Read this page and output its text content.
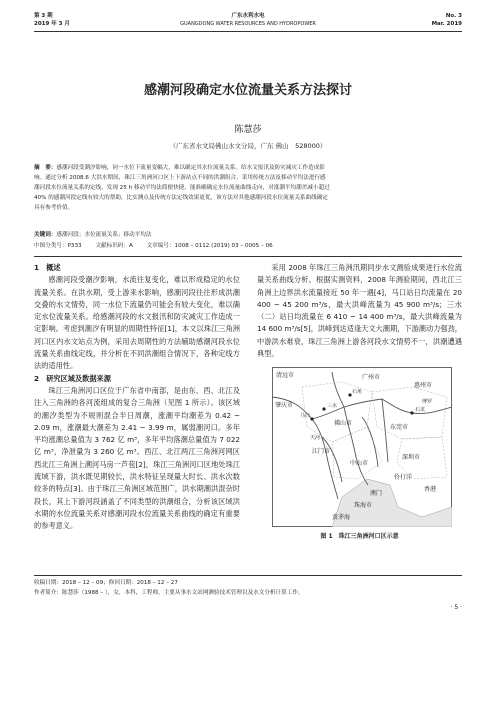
第 3 期
2019 年 3 月
广东水利水电
GUANGDONG WATER RESOURCES AND HYDROPOWER
No. 3
Mar. 2019
感潮河段确定水位流量关系方法探讨
陈慧莎
（广东省水文局佛山水文分局，广东 佛山　528000）
摘　要：感潮河段受潮汐影响，同一水位下流量变幅大，难以确定其水位流量关系。给水文报汛及防灾减灾工作造成影
响。通过分析 2008.6 大洪水期间，珠江三角洲河口区上下游站点不同的洪潮组合，采用传统方法及移动平均法进行感
潮河段水位流量关系的定线，发现 25 h 移动平均法简便快捷，能准确确定水位流量曲线走向，对涨潮平均潮差减小超过
40% 的感潮河段定线有较大的帮助，比实测点及传统方法定线效果更优，该方法对其他感潮河段水位流量关系曲线确定
具有参考价值。
关键词：感潮河段；水位流量关系；移动平均法
中图分类号：P333 文献标识码：A 文章编号：1008 – 0112 (2019) 03 – 0005 – 06
1　概述
感潮河段受潮汐影响，水流往复变化，难以形成稳定的水位流量关系。在洪水期，受上游来水影响，感潮河段往往形成洪潮交叠的水文情势，同一水位下流量仍可能会有较大变化，难以确定水位流量关系。给感潮河段的水文报汛和防灾减灾工作造成一定影响。考虑到潮汐有明显的周期性特征[1]，本文以珠江三角洲河口区内水文站点为例，采用去周期性的方法辅助感潮河段水位流量关系曲线定线，并分析在不同洪潮组合情况下，各种定线方法的适用性。
2　研究区域及数据来源
珠江三角洲河口区位于广东省中南部，是由东、西、北江及注入三角洲的各河流组成的复合三角洲（见图 1 所示）。该区域的潮汐类型为不规则混合半日周潮，涨潮平均潮差为 0.42 ~ 2.09 m，涨潮最大潮差为 2.41 ~ 3.99 m，属弱潮河口。多年平均涨潮总量值为 3 762 亿 m³，多年平均落潮总量值为 7 022 亿 m³，净泄量为 3 260 亿 m³。西江、北江两江三角洲河网区西北江三角洲上溯河马房一芦苞[2]，珠江三角洲河口区地处珠江流域下游，洪水既见期较长，洪水特征呈现量大时长、洪水次数较多的特点[3]。由于珠江三角洲区域范围广，洪水期潮洪混杂时段长，其上下游河段涵盖了不同类型的洪潮组合，分析该区域洪水期的水位流量关系对感潮河段水位流量关系曲线的确定有重要的参考意义。
采用 2008 年珠江三角洲汛期同步水文测验成果进行水位流量关系曲线分析。根据实测资料，2008 年测验期间，西北江三角洲上边界洪水流量接近 50 年一遇[4]，马口站日均流量在 20 400 ~ 45 200 m³/s，最大洪峰流量为 45 900 m³/s；三水（二）站日均流量在 6 410 ~ 14 400 m³/s，最大洪峰流量为 14 600 m³/s[5]，洪峰到达适逢天文大潮期，下游潮动力强劲，中游洪水难衰，珠江三角洲上游各河段水文情势不一，洪潮遭遇典型。
清远市	广州市
肇庆市
佛山市
惠州市
东莞市
江门市
中山市
深圳市
澳门
香港
珠海市
伶仃洋
黄茅海
马口
三水
石角
石龙
博罗
天河
图 1　珠江三角洲河口区示意
收稿日期：2018 – 12 – 09；修回日期：2018 – 12 – 27
作者简介：陈慧莎（1988 – ），女，本科，工程师，主要从事水文站网测验技术管理以及水文分析计算工作。
· 5 ·
